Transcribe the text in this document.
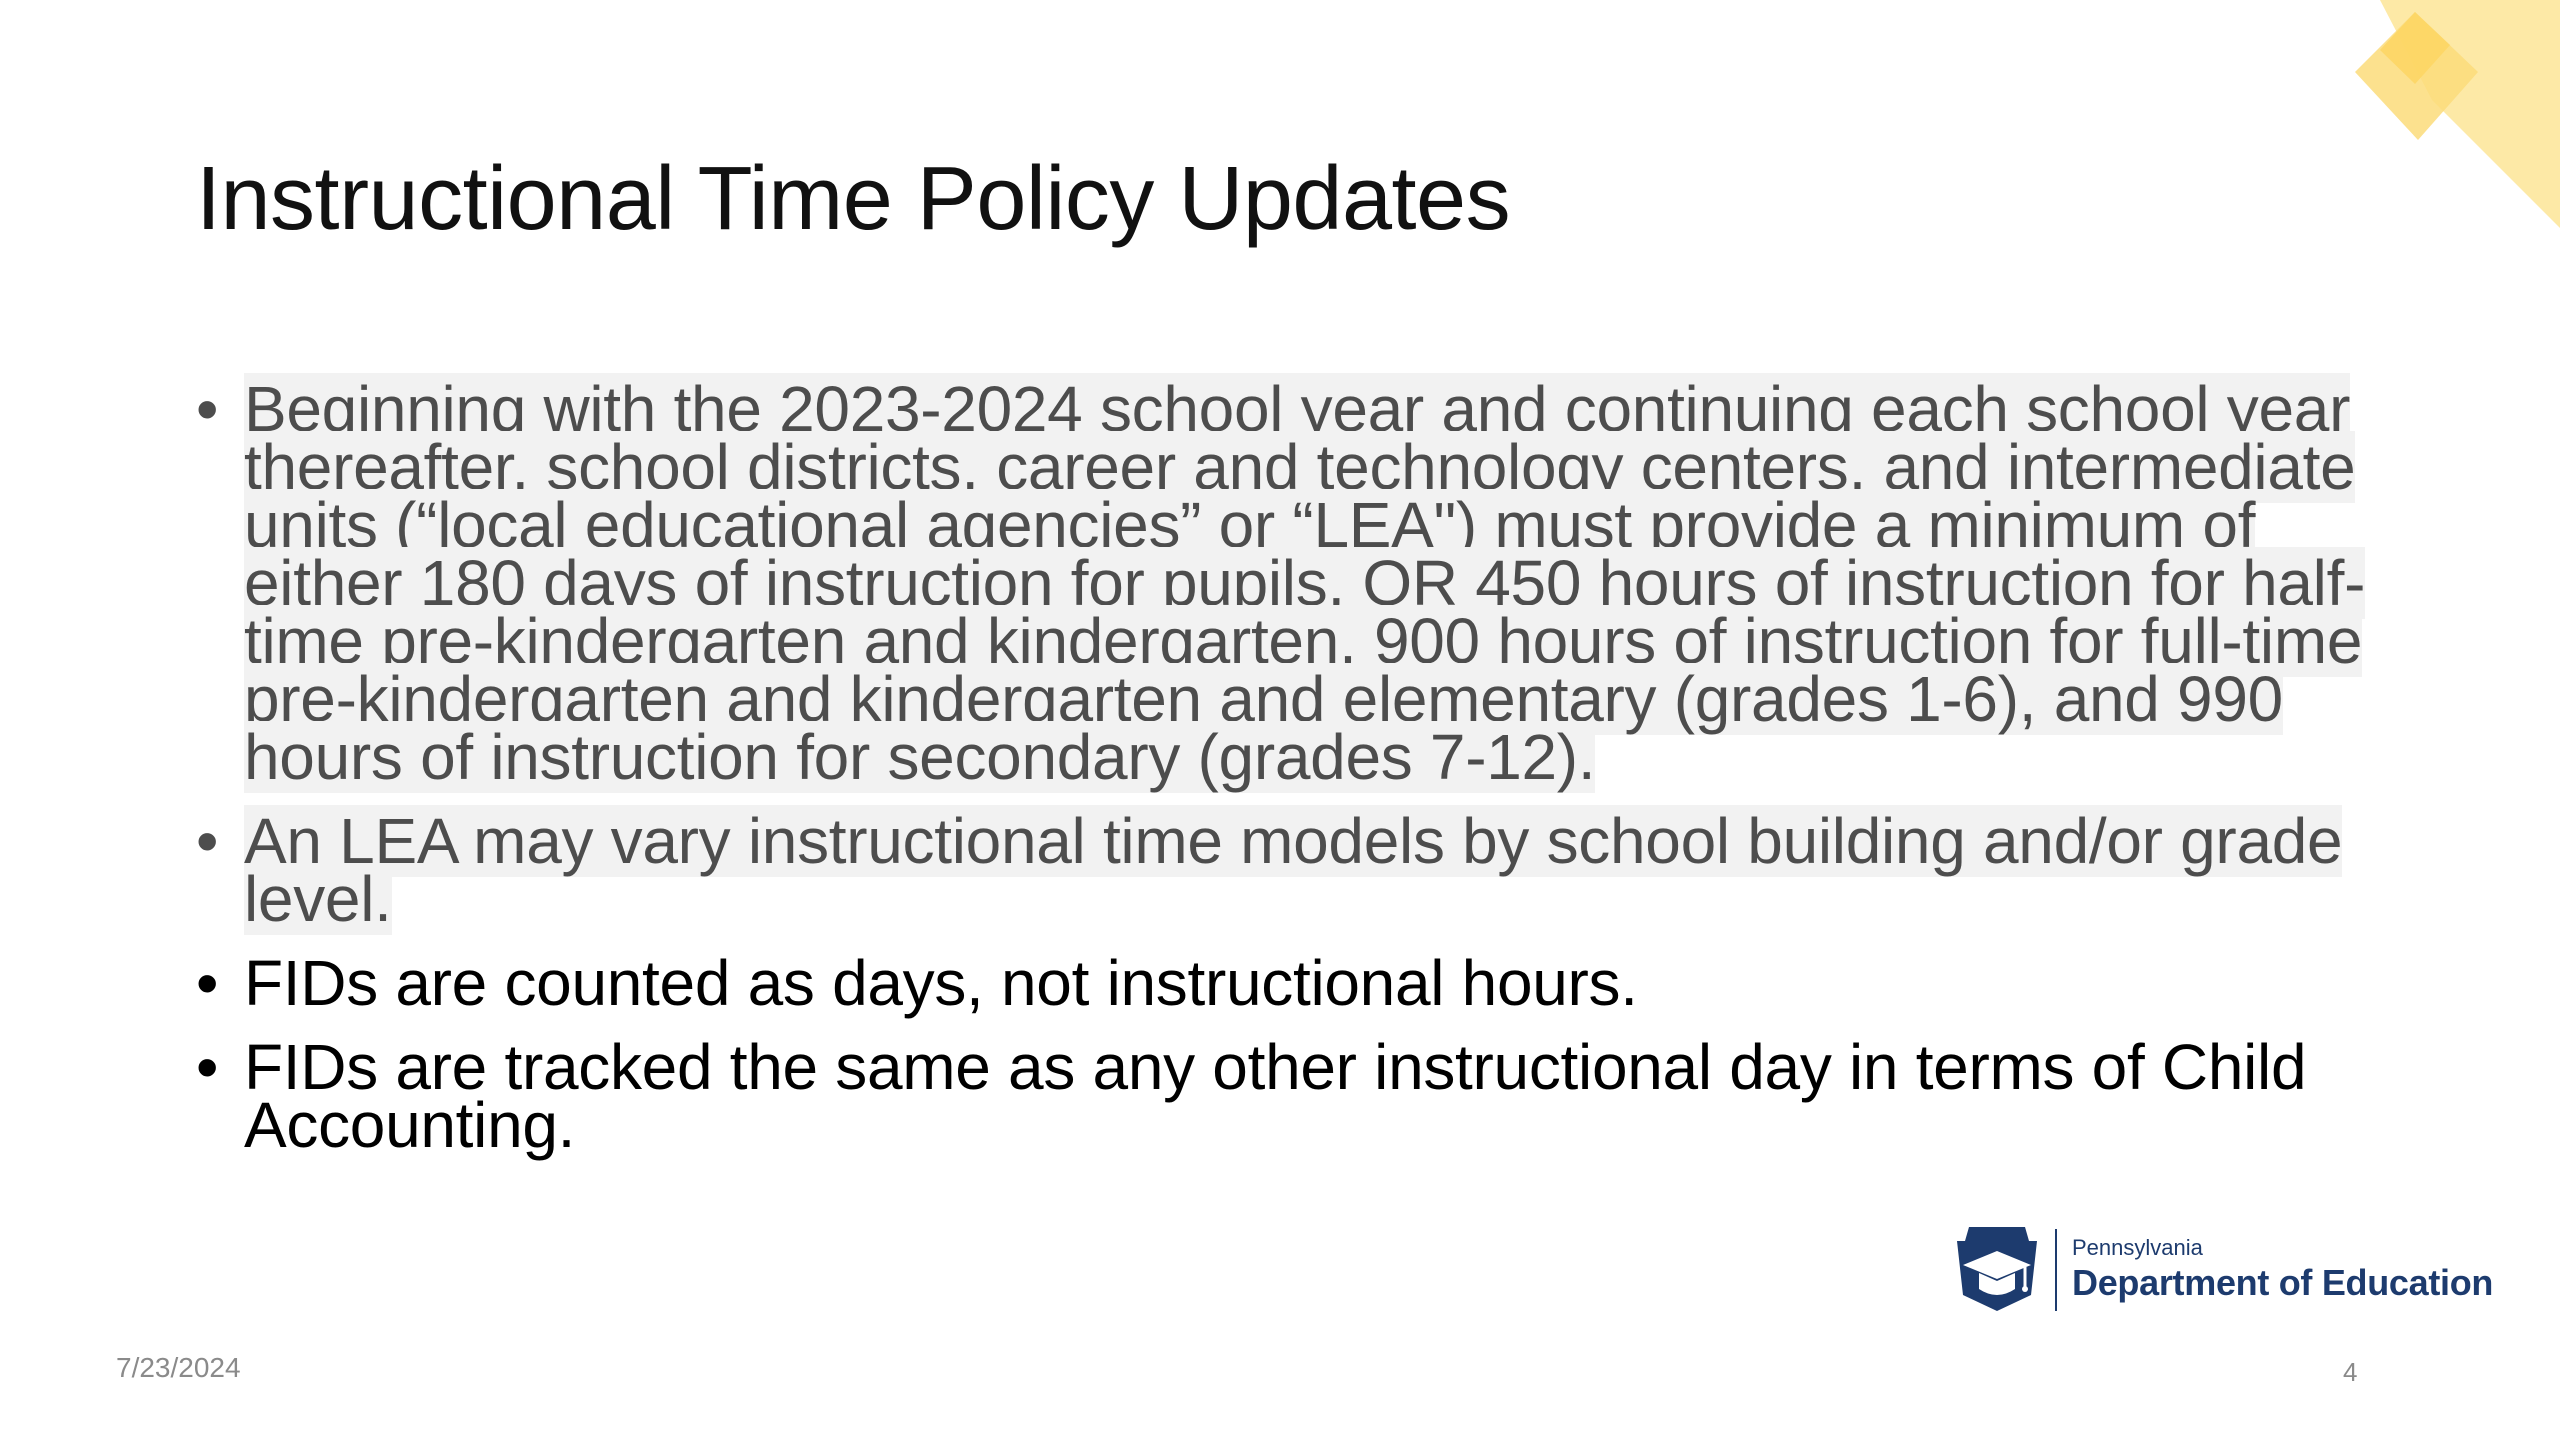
Instructional Time Policy Updates
• Beginning with the 2023-2024 school year and continuing each school year thereafter, school districts, career and technology centers, and intermediate units (“local educational agencies” or “LEA") must provide a minimum of either 180 days of instruction for pupils, OR 450 hours of instruction for half-time pre-kindergarten and kindergarten, 900 hours of instruction for full-time pre-kindergarten and kindergarten and elementary (grades 1-6), and 990 hours of instruction for secondary (grades 7-12).
• An LEA may vary instructional time models by school building and/or grade level.
• FIDs are counted as days, not instructional hours.
• FIDs are tracked the same as any other instructional day in terms of Child Accounting.
Pennsylvania
Department of Education
7/23/2024	4
